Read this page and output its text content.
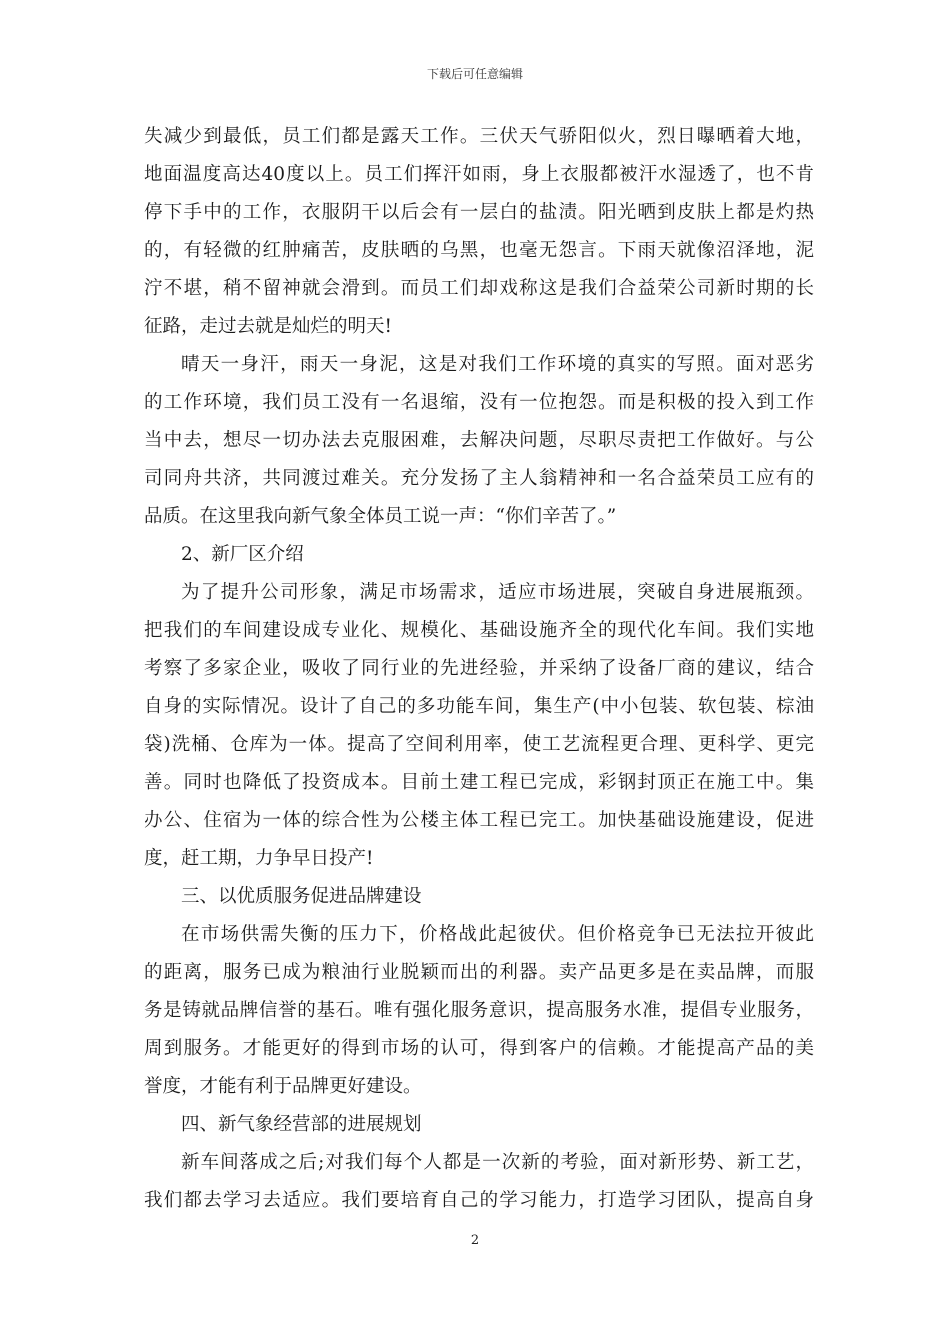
下载后可任意编辑
失减少到最低，员工们都是露天工作。三伏天气骄阳似火，烈日曝晒着大地，
地面温度高达40度以上。员工们挥汗如雨，身上衣服都被汗水湿透了，也不肯
停下手中的工作，衣服阴干以后会有一层白的盐渍。阳光晒到皮肤上都是灼热
的，有轻微的红肿痛苦，皮肤晒的乌黑，也毫无怨言。下雨天就像沼泽地，泥
泞不堪，稍不留神就会滑到。而员工们却戏称这是我们合益荣公司新时期的长
征路，走过去就是灿烂的明天!
晴天一身汗，雨天一身泥，这是对我们工作环境的真实的写照。面对恶劣
的工作环境，我们员工没有一名退缩，没有一位抱怨。而是积极的投入到工作
当中去，想尽一切办法去克服困难，去解决问题，尽职尽责把工作做好。与公
司同舟共济，共同渡过难关。充分发扬了主人翁精神和一名合益荣员工应有的
品质。在这里我向新气象全体员工说一声：“你们辛苦了。”
2、新厂区介绍
为了提升公司形象，满足市场需求，适应市场进展，突破自身进展瓶颈。
把我们的车间建设成专业化、规模化、基础设施齐全的现代化车间。我们实地
考察了多家企业，吸收了同行业的先进经验，并采纳了设备厂商的建议，结合
自身的实际情况。设计了自己的多功能车间，集生产(中小包装、软包装、棕油
袋)洗桶、仓库为一体。提高了空间利用率，使工艺流程更合理、更科学、更完
善。同时也降低了投资成本。目前土建工程已完成，彩钢封顶正在施工中。集
办公、住宿为一体的综合性为公楼主体工程已完工。加快基础设施建设，促进
度，赶工期，力争早日投产!
三、以优质服务促进品牌建设
在市场供需失衡的压力下，价格战此起彼伏。但价格竞争已无法拉开彼此
的距离，服务已成为粮油行业脱颖而出的利器。卖产品更多是在卖品牌，而服
务是铸就品牌信誉的基石。唯有强化服务意识，提高服务水准，提倡专业服务，
周到服务。才能更好的得到市场的认可，得到客户的信赖。才能提高产品的美
誉度，才能有利于品牌更好建设。
四、新气象经营部的进展规划
新车间落成之后;对我们每个人都是一次新的考验，面对新形势、新工艺，
我们都去学习去适应。我们要培育自己的学习能力，打造学习团队，提高自身
2
